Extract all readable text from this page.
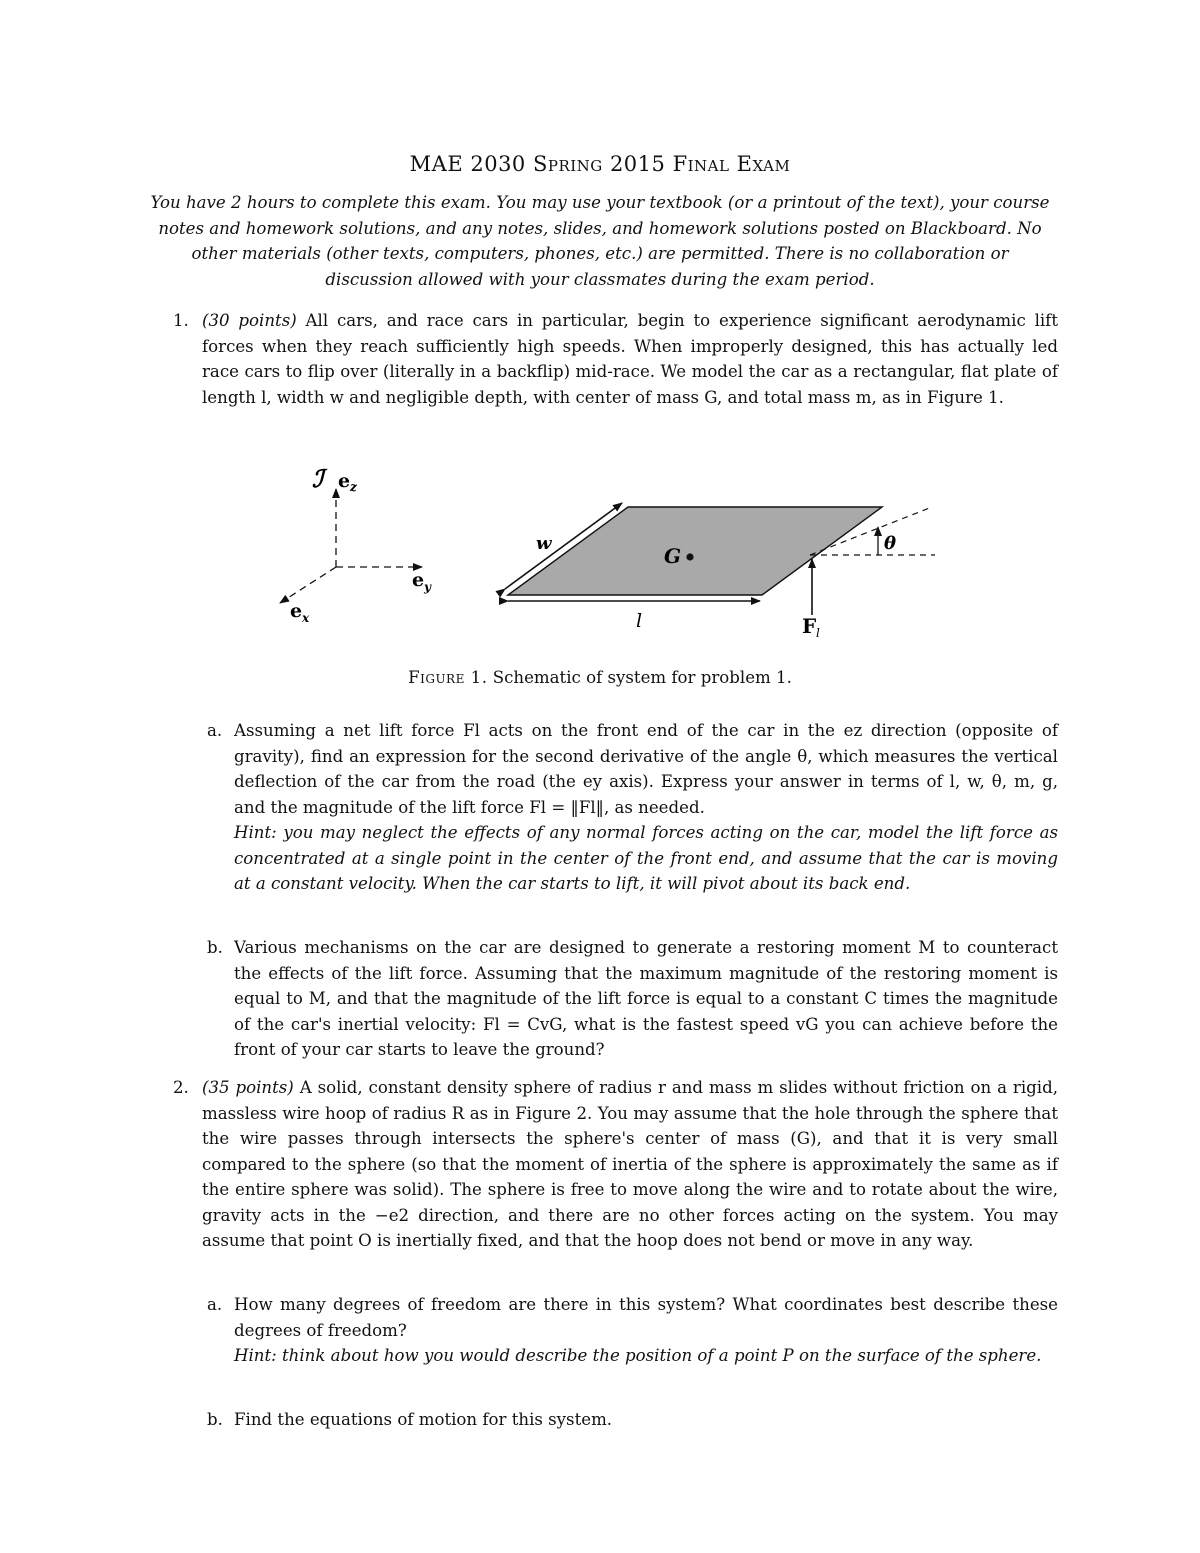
MAE 2030 Spring 2015 Final Exam
You have 2 hours to complete this exam. You may use your textbook (or a printout of the text), your course notes and homework solutions, and any notes, slides, and homework solutions posted on Blackboard. No other materials (other texts, computers, phones, etc.) are permitted. There is no collaboration or discussion allowed with your classmates during the exam period.
1. (30 points) All cars, and race cars in particular, begin to experience significant aerodynamic lift forces when they reach sufficiently high speeds. When improperly designed, this has actually led race cars to flip over (literally in a backflip) mid-race. We model the car as a rectangular, flat plate of length l, width w and negligible depth, with center of mass G, and total mass m, as in Figure 1.
ℐ e z
e y
e x
G
w
l
θ
F l
Figure 1. Schematic of system for problem 1.
a. Assuming a net lift force Fl acts on the front end of the car in the ez direction (opposite of gravity), find an expression for the second derivative of the angle θ, which measures the vertical deflection of the car from the road (the ey axis). Express your answer in terms of l, w, θ, m, g, and the magnitude of the lift force Fl = ‖Fl‖, as needed.
Hint: you may neglect the effects of any normal forces acting on the car, model the lift force as concentrated at a single point in the center of the front end, and assume that the car is moving at a constant velocity. When the car starts to lift, it will pivot about its back end.
b. Various mechanisms on the car are designed to generate a restoring moment M to counteract the effects of the lift force. Assuming that the maximum magnitude of the restoring moment is equal to M, and that the magnitude of the lift force is equal to a constant C times the magnitude of the car's inertial velocity: Fl = CvG, what is the fastest speed vG you can achieve before the front of your car starts to leave the ground?
2. (35 points) A solid, constant density sphere of radius r and mass m slides without friction on a rigid, massless wire hoop of radius R as in Figure 2. You may assume that the hole through the sphere that the wire passes through intersects the sphere's center of mass (G), and that it is very small compared to the sphere (so that the moment of inertia of the sphere is approximately the same as if the entire sphere was solid). The sphere is free to move along the wire and to rotate about the wire, gravity acts in the −e2 direction, and there are no other forces acting on the system. You may assume that point O is inertially fixed, and that the hoop does not bend or move in any way.
a. How many degrees of freedom are there in this system? What coordinates best describe these degrees of freedom?
Hint: think about how you would describe the position of a point P on the surface of the sphere.
b. Find the equations of motion for this system.
